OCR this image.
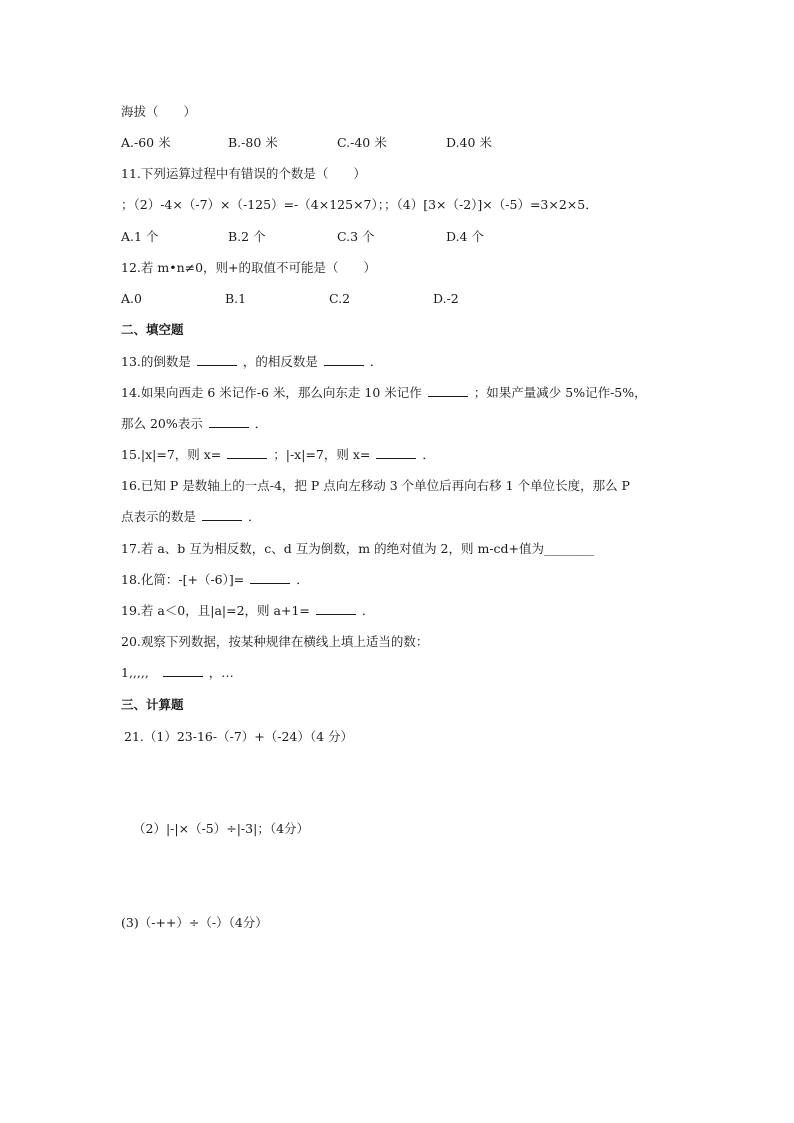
海拔（　　）
A.-60 米	B.-80 米	C.-40 米	D.40 米
11.下列运算过程中有错误的个数是（　　）
；（2）-4×（-7）×（-125）=-（4×125×7）；；（4）[3×（-2）]×（-5）=3×2×5．
A.1 个	B.2 个	C.3 个	D.4 个
12.若 m•n≠0，则+的取值不可能是（　　）
A.0	B.1	C.2	D.-2
二、填空题
13.的倒数是	，的相反数是	．
14.如果向西走 6 米记作-6 米，那么向东走 10 米记作	；如果产量减少 5%记作-5%，
那么 20%表示	．
15.|x|=7，则 x=	；|-x|=7，则 x=	．
16.已知 P 是数轴上的一点-4，把 P 点向左移动 3 个单位后再向右移 1 个单位长度，那么 P
点表示的数是	．
17.若 a、b 互为相反数，c、d 互为倒数，m 的绝对值为 2，则 m-cd+值为________
18.化简：-[+（-6）]=	．
19.若 a＜0，且|a|=2，则 a+1=	．
20.观察下列数据，按某种规律在横线上填上适当的数：
1,,,,,	，…
三、计算题
21.（1）23-16-（-7）+（-24）（4 分）
（2）|-|×（-5）÷|-3|；（4分）
(3)（-++）÷（-）（4分）
